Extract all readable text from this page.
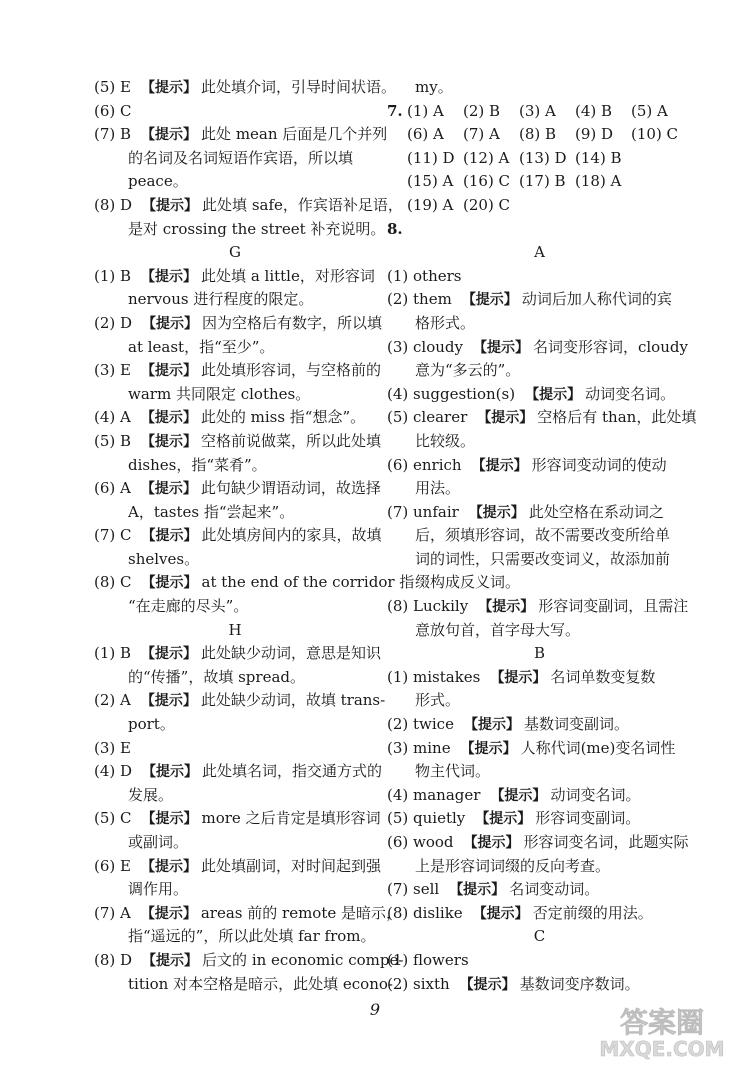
(5) E 【提示】 此处填介词，引导时间状语。
(6) C
(7) B 【提示】 此处 mean 后面是几个并列
的名词及名词短语作宾语，所以填
peace。
(8) D 【提示】 此处填 safe，作宾语补足语，
是对 crossing the street 补充说明。
G
(1) B 【提示】 此处填 a little，对形容词
nervous 进行程度的限定。
(2) D 【提示】 因为空格后有数字，所以填
at least，指“至少”。
(3) E 【提示】 此处填形容词，与空格前的
warm 共同限定 clothes。
(4) A 【提示】 此处的 miss 指“想念”。
(5) B 【提示】 空格前说做菜，所以此处填
dishes，指“菜肴”。
(6) A 【提示】 此句缺少谓语动词，故选择
A，tastes 指“尝起来”。
(7) C 【提示】 此处填房间内的家具，故填
shelves。
(8) C 【提示】 at the end of the corridor 指
“在走廊的尽头”。
H
(1) B 【提示】 此处缺少动词，意思是知识
的“传播”，故填 spread。
(2) A 【提示】 此处缺少动词，故填 trans-
port。
(3) E
(4) D 【提示】 此处填名词，指交通方式的
发展。
(5) C 【提示】 more 之后肯定是填形容词
或副词。
(6) E 【提示】 此处填副词，对时间起到强
调作用。
(7) A 【提示】 areas 前的 remote 是暗示，
指“遥远的”，所以此处填 far from。
(8) D 【提示】 后文的 in economic compe-
tition 对本空格是暗示，此处填 econo-
my。
7. (1) A (2) B (3) A (4) B (5) A
(6) A (7) A (8) B (9) D (10) C
(11) D (12) A (13) D (14) B
(15) A (16) C (17) B (18) A
(19) A (20) C
8.
A
(1) others
(2) them 【提示】 动词后加人称代词的宾
格形式。
(3) cloudy 【提示】 名词变形容词，cloudy
意为“多云的”。
(4) suggestion(s) 【提示】 动词变名词。
(5) clearer 【提示】 空格后有 than，此处填
比较级。
(6) enrich 【提示】 形容词变动词的使动
用法。
(7) unfair 【提示】 此处空格在系动词之
后，须填形容词，故不需要改变所给单
词的词性，只需要改变词义，故添加前
缀构成反义词。
(8) Luckily 【提示】 形容词变副词，且需注
意放句首，首字母大写。
B
(1) mistakes 【提示】 名词单数变复数
形式。
(2) twice 【提示】 基数词变副词。
(3) mine 【提示】 人称代词(me)变名词性
物主代词。
(4) manager 【提示】 动词变名词。
(5) quietly 【提示】 形容词变副词。
(6) wood 【提示】 形容词变名词，此题实际
上是形容词词缀的反向考查。
(7) sell 【提示】 名词变动词。
(8) dislike 【提示】 否定前缀的用法。
C
(1) flowers
(2) sixth 【提示】 基数词变序数词。
9	答案圈
MXQE.COM
